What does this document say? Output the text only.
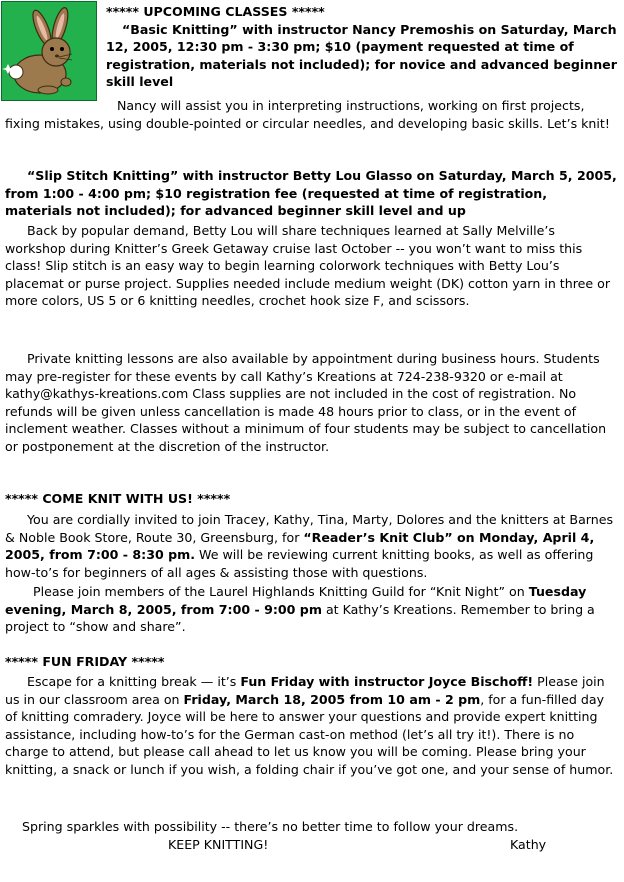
***** UPCOMING CLASSES *****

“Basic Knitting” with instructor Nancy Premoshis on Saturday, March 12, 2005, 12:30 pm - 3:30 pm; $10 (payment requested at time of registration, materials not included); for novice and advanced beginner skill level

Nancy will assist you in interpreting instructions, working on first projects, fixing mistakes, using double-pointed or circular needles, and developing basic skills. Let’s knit!

“Slip Stitch Knitting” with instructor Betty Lou Glasso on Saturday, March 5, 2005, from 1:00 - 4:00 pm; $10 registration fee (requested at time of registration, materials not included); for advanced beginner skill level and up

Back by popular demand, Betty Lou will share techniques learned at Sally Melville’s workshop during Knitter’s Greek Getaway cruise last October -- you won’t want to miss this class! Slip stitch is an easy way to begin learning colorwork techniques with Betty Lou’s placemat or purse project. Supplies needed include medium weight (DK) cotton yarn in three or more colors, US 5 or 6 knitting needles, crochet hook size F, and scissors.

Private knitting lessons are also available by appointment during business hours. Students may pre-register for these events by call Kathy’s Kreations at 724-238-9320 or e-mail at kathy@kathys-kreations.com Class supplies are not included in the cost of registration. No refunds will be given unless cancellation is made 48 hours prior to class, or in the event of inclement weather. Classes without a minimum of four students may be subject to cancellation or postponement at the discretion of the instructor.

***** COME KNIT WITH US! *****

You are cordially invited to join Tracey, Kathy, Tina, Marty, Dolores and the knitters at Barnes & Noble Book Store, Route 30, Greensburg, for “Reader’s Knit Club” on Monday, April 4, 2005, from 7:00 - 8:30 pm. We will be reviewing current knitting books, as well as offering how-to’s for beginners of all ages & assisting those with questions.

Please join members of the Laurel Highlands Knitting Guild for “Knit Night” on Tuesday evening, March 8, 2005, from 7:00 - 9:00 pm at Kathy’s Kreations. Remember to bring a project to “show and share”.

***** FUN FRIDAY *****

Escape for a knitting break — it’s Fun Friday with instructor Joyce Bischoff! Please join us in our classroom area on Friday, March 18, 2005 from 10 am - 2 pm, for a fun-filled day of knitting comradery. Joyce will be here to answer your questions and provide expert knitting assistance, including how-to’s for the German cast-on method (let’s all try it!). There is no charge to attend, but please call ahead to let us know you will be coming. Please bring your knitting, a snack or lunch if you wish, a folding chair if you’ve got one, and your sense of humor.

Spring sparkles with possibility -- there’s no better time to follow your dreams.

KEEP KNITTING!	Kathy
